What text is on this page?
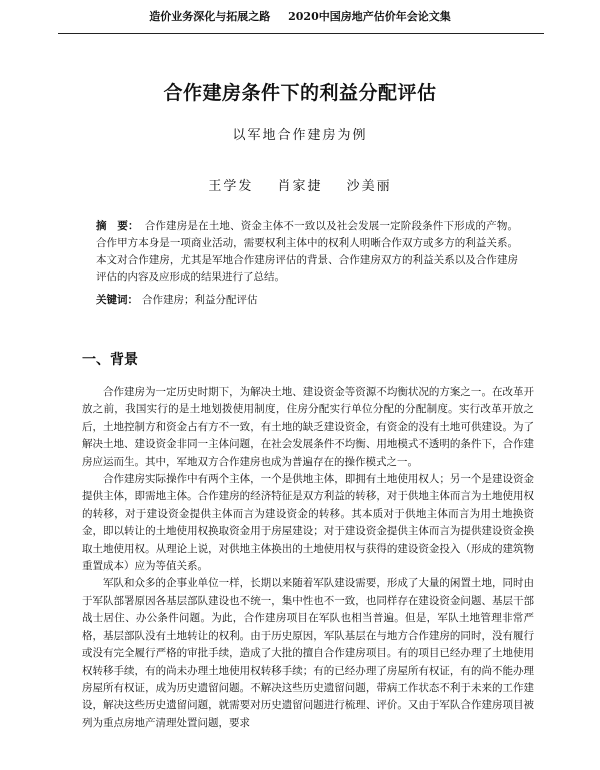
造价业务深化与拓展之路 2020中国房地产估价年会论文集
合作建房条件下的利益分配评估
以军地合作建房为例
王学发 肖家捷 沙美丽
摘　要： 合作建房是在土地、资金主体不一致以及社会发展一定阶段条件下形成的产物。合作甲方本身是一项商业活动，需要权利主体中的权利人明晰合作双方或多方的利益关系。本文对合作建房，尤其是军地合作建房评估的背景、合作建房双方的利益关系以及合作建房评估的内容及应形成的结果进行了总结。
关键词： 合作建房；利益分配评估
一、背景

合作建房为一定历史时期下，为解决土地、建设资金等资源不均衡状况的方案之一。在改革开放之前，我国实行的是土地划拨使用制度，住房分配实行单位分配的分配制度。实行改革开放之后，土地控制方和资金占有方不一致，有土地的缺乏建设资金，有资金的没有土地可供建设。为了解决土地、建设资金非同一主体问题，在社会发展条件不均衡、用地模式不透明的条件下，合作建房应运而生。其中，军地双方合作建房也成为普遍存在的操作模式之一。

合作建房实际操作中有两个主体，一个是供地主体，即拥有土地使用权人；另一个是建设资金提供主体，即需地主体。合作建房的经济特征是双方利益的转移，对于供地主体而言为土地使用权的转移，对于建设资金提供主体而言为建设资金的转移。其本质对于供地主体而言为用土地换资金，即以转让的土地使用权换取资金用于房屋建设；对于建设资金提供主体而言为提供建设资金换取土地使用权。从理论上说，对供地主体换出的土地使用权与获得的建设资金投入（形成的建筑物重置成本）应为等值关系。

军队和众多的企事业单位一样，长期以来随着军队建设需要，形成了大量的闲置土地，同时由于军队部署原因各基层部队建设也不统一，集中性也不一致，也同样存在建设资金问题、基层干部战士居住、办公条件问题。为此，合作建房项目在军队也相当普遍。但是，军队土地管理非常严格，基层部队没有土地转让的权利。由于历史原因，军队基层在与地方合作建房的同时，没有履行或没有完全履行严格的审批手续，造成了大批的擅自合作建房项目。有的项目已经办理了土地使用权转移手续，有的尚未办理土地使用权转移手续；有的已经办理了房屋所有权证，有的尚不能办理房屋所有权证，成为历史遗留问题。不解决这些历史遗留问题，带病工作状态不利于未来的工作建设，解决这些历史遗留问题，就需要对历史遗留问题进行梳理、评价。又由于军队合作建房项目被列为重点房地产清理处置问题，要求
